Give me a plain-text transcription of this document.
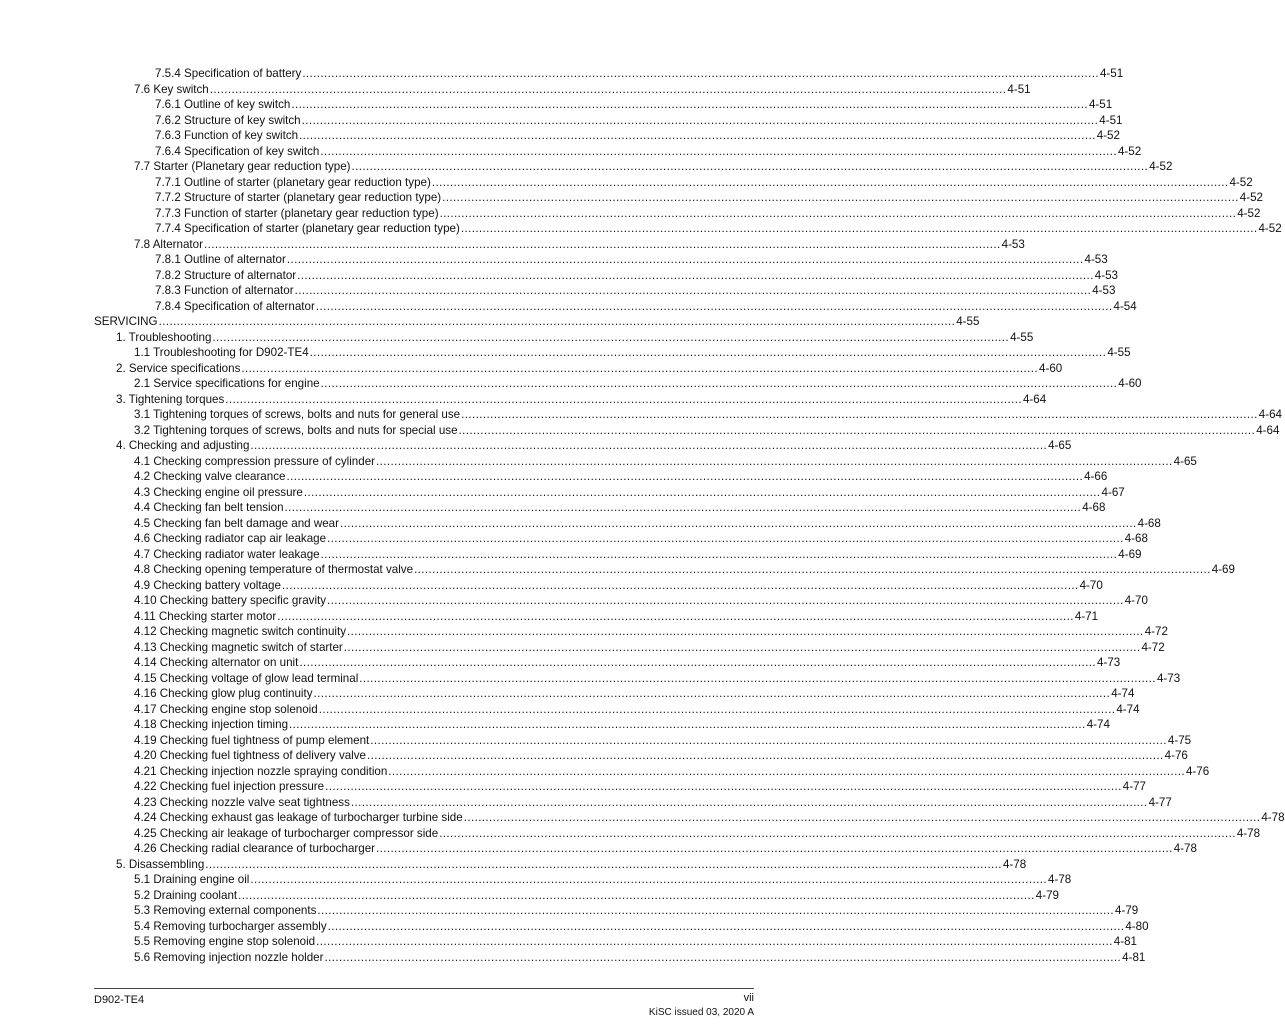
7.5.4 Specification of battery ............................................................................................................................................................................................................................ 4-51
7.6 Key switch ............................................................................................................................................................................................................................ 4-51
7.6.1 Outline of key switch ............................................................................................................................................................................................................................ 4-51
7.6.2 Structure of key switch ............................................................................................................................................................................................................................ 4-51
7.6.3 Function of key switch ............................................................................................................................................................................................................................ 4-52
7.6.4 Specification of key switch ............................................................................................................................................................................................................................ 4-52
7.7 Starter (Planetary gear reduction type) ............................................................................................................................................................................................................................ 4-52
7.7.1 Outline of starter (planetary gear reduction type) ............................................................................................................................................................................................................................ 4-52
7.7.2 Structure of starter (planetary gear reduction type) ............................................................................................................................................................................................................................ 4-52
7.7.3 Function of starter (planetary gear reduction type) ............................................................................................................................................................................................................................ 4-52
7.7.4 Specification of starter (planetary gear reduction type) ............................................................................................................................................................................................................................ 4-52
7.8 Alternator ............................................................................................................................................................................................................................ 4-53
7.8.1 Outline of alternator ............................................................................................................................................................................................................................ 4-53
7.8.2 Structure of alternator ............................................................................................................................................................................................................................ 4-53
7.8.3 Function of alternator ............................................................................................................................................................................................................................ 4-53
7.8.4 Specification of alternator ............................................................................................................................................................................................................................ 4-54
SERVICING ............................................................................................................................................................................................................................ 4-55
1. Troubleshooting ............................................................................................................................................................................................................................ 4-55
1.1 Troubleshooting for D902-TE4 ............................................................................................................................................................................................................................ 4-55
2. Service specifications ............................................................................................................................................................................................................................ 4-60
2.1 Service specifications for engine ............................................................................................................................................................................................................................ 4-60
3. Tightening torques ............................................................................................................................................................................................................................ 4-64
3.1 Tightening torques of screws, bolts and nuts for general use ............................................................................................................................................................................................................................ 4-64
3.2 Tightening torques of screws, bolts and nuts for special use ............................................................................................................................................................................................................................ 4-64
4. Checking and adjusting ............................................................................................................................................................................................................................ 4-65
4.1 Checking compression pressure of cylinder ............................................................................................................................................................................................................................ 4-65
4.2 Checking valve clearance ............................................................................................................................................................................................................................ 4-66
4.3 Checking engine oil pressure ............................................................................................................................................................................................................................ 4-67
4.4 Checking fan belt tension ............................................................................................................................................................................................................................ 4-68
4.5 Checking fan belt damage and wear ............................................................................................................................................................................................................................ 4-68
4.6 Checking radiator cap air leakage ............................................................................................................................................................................................................................ 4-68
4.7 Checking radiator water leakage ............................................................................................................................................................................................................................ 4-69
4.8 Checking opening temperature of thermostat valve ............................................................................................................................................................................................................................ 4-69
4.9 Checking battery voltage ............................................................................................................................................................................................................................ 4-70
4.10 Checking battery specific gravity ............................................................................................................................................................................................................................ 4-70
4.11 Checking starter motor ............................................................................................................................................................................................................................ 4-71
4.12 Checking magnetic switch continuity ............................................................................................................................................................................................................................ 4-72
4.13 Checking magnetic switch of starter ............................................................................................................................................................................................................................ 4-72
4.14 Checking alternator on unit ............................................................................................................................................................................................................................ 4-73
4.15 Checking voltage of glow lead terminal ............................................................................................................................................................................................................................ 4-73
4.16 Checking glow plug continuity ............................................................................................................................................................................................................................ 4-74
4.17 Checking engine stop solenoid ............................................................................................................................................................................................................................ 4-74
4.18 Checking injection timing ............................................................................................................................................................................................................................ 4-74
4.19 Checking fuel tightness of pump element ............................................................................................................................................................................................................................ 4-75
4.20 Checking fuel tightness of delivery valve ............................................................................................................................................................................................................................ 4-76
4.21 Checking injection nozzle spraying condition ............................................................................................................................................................................................................................ 4-76
4.22 Checking fuel injection pressure ............................................................................................................................................................................................................................ 4-77
4.23 Checking nozzle valve seat tightness ............................................................................................................................................................................................................................ 4-77
4.24 Checking exhaust gas leakage of turbocharger turbine side ............................................................................................................................................................................................................................ 4-78
4.25 Checking air leakage of turbocharger compressor side ............................................................................................................................................................................................................................ 4-78
4.26 Checking radial clearance of turbocharger ............................................................................................................................................................................................................................ 4-78
5. Disassembling ............................................................................................................................................................................................................................ 4-78
5.1 Draining engine oil ............................................................................................................................................................................................................................ 4-78
5.2 Draining coolant ............................................................................................................................................................................................................................ 4-79
5.3 Removing external components ............................................................................................................................................................................................................................ 4-79
5.4 Removing turbocharger assembly ............................................................................................................................................................................................................................ 4-80
5.5 Removing engine stop solenoid ............................................................................................................................................................................................................................ 4-81
5.6 Removing injection nozzle holder ............................................................................................................................................................................................................................ 4-81
D902-TE4	vii
KiSC issued 03, 2020 A
